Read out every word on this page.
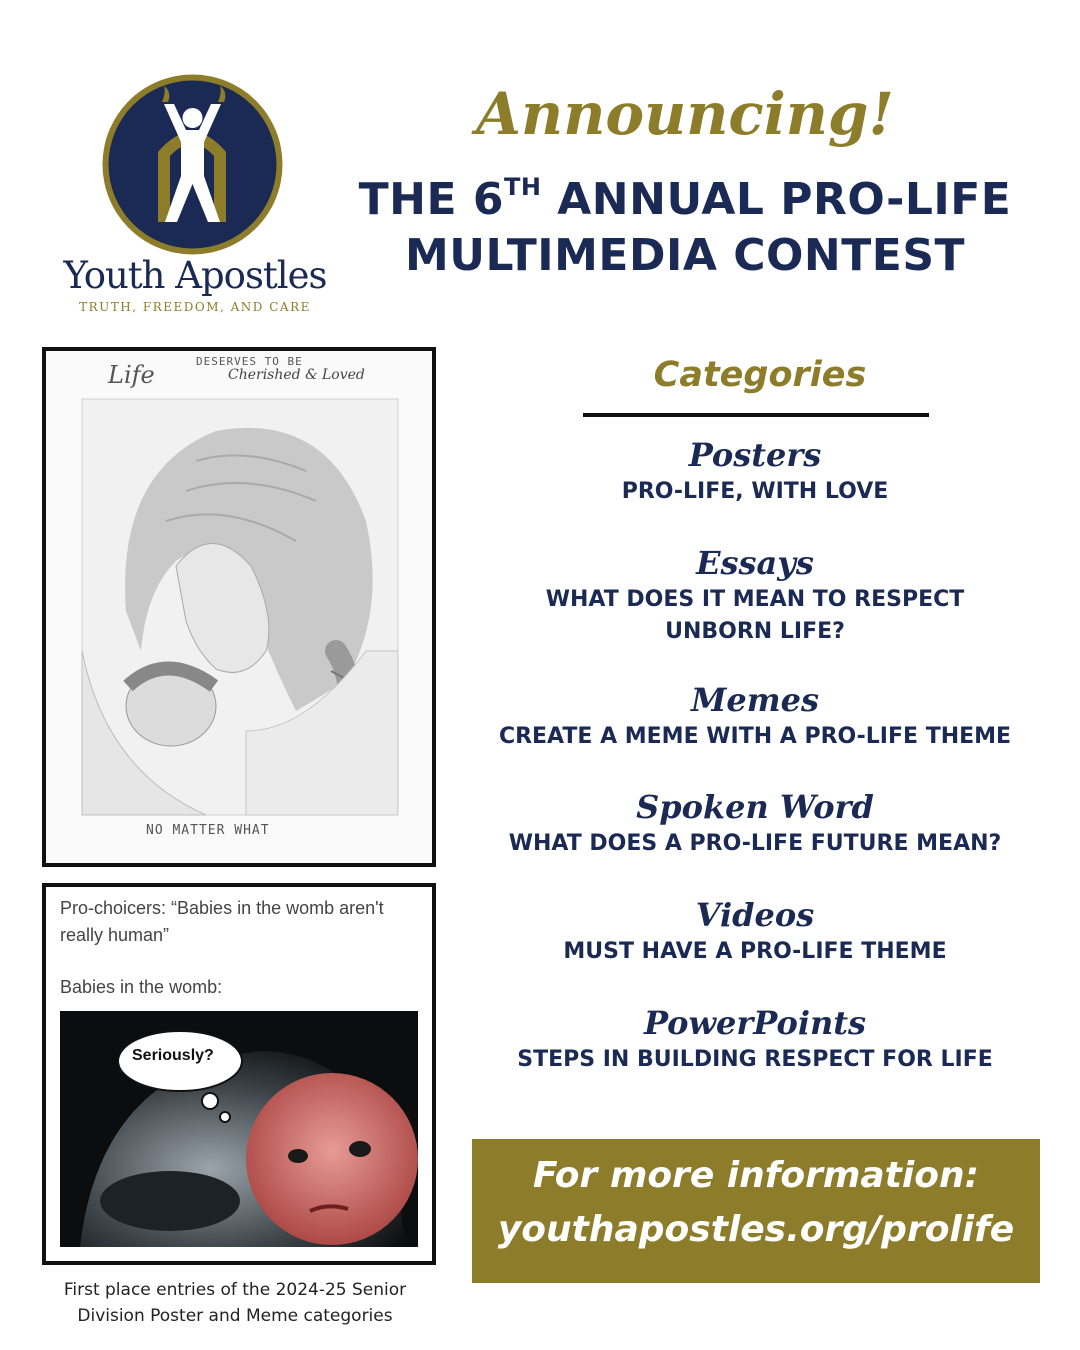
Youth Apostles
TRUTH, FREEDOM, AND CARE
Announcing!
THE 6TH ANNUAL PRO-LIFE
MULTIMEDIA CONTEST
Life	DESERVES TO BE
Cherished & Loved
NO MATTER WHAT
Pro-choicers: “Babies in the womb aren't really human”
Babies in the womb:
Seriously?
First place entries of the 2024-25 Senior Division Poster and Meme categories
Categories
Posters
PRO-LIFE, WITH LOVE
Essays
WHAT DOES IT MEAN TO RESPECT UNBORN LIFE?
Memes
CREATE A MEME WITH A PRO-LIFE THEME
Spoken Word
WHAT DOES A PRO-LIFE FUTURE MEAN?
Videos
MUST HAVE A PRO-LIFE THEME
PowerPoints
STEPS IN BUILDING RESPECT FOR LIFE
For more information:
youthapostles.org/prolife
